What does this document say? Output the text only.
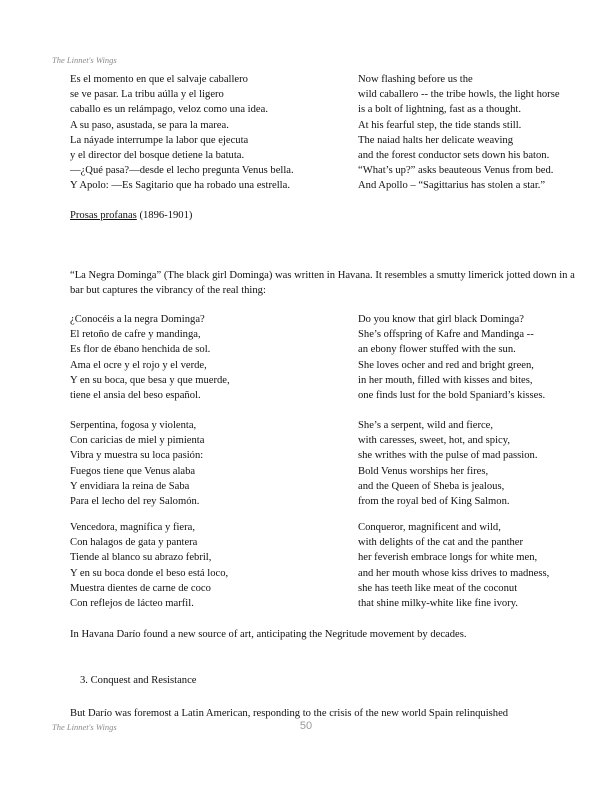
The Linnet's Wings
Es el momento en que el salvaje caballero	Now flashing before us the
se ve pasar. La tribu aúlla y el ligero	wild caballero -- the tribe howls, the light horse
caballo es un relámpago, veloz como una idea.	is a bolt of lightning, fast as a thought.
A su paso, asustada, se para la marea.	At his fearful step, the tide stands still.
La náyade interrumpe la labor que ejecuta	The naiad halts her delicate weaving
y el director del bosque detiene la batuta.	and the forest conductor sets down his baton.
—¿Qué pasa?—desde el lecho pregunta Venus bella.	“What’s up?” asks beauteous Venus from bed.
Y Apolo: —Es Sagitario que ha robado una estrella.	And Apollo – “Sagittarius has stolen a star.”
Prosas profanas (1896-1901)
“La Negra Dominga” (The black girl Dominga) was written in Havana. It resembles a smutty limerick jotted down in a bar but captures the vibrancy of the real thing:
¿Conocéis a la negra Dominga?	Do you know that girl black Dominga?
El retoño de cafre y mandinga,	She’s offspring of Kafre and Mandinga --
Es flor de ébano henchida de sol.	an ebony flower stuffed with the sun.
Ama el ocre y el rojo y el verde,	She loves ocher and red and bright green,
Y en su boca, que besa y que muerde,	in her mouth, filled with kisses and bites,
tiene el ansia del beso español.	one finds lust for the bold Spaniard’s kisses.
Serpentina, fogosa y violenta,	She’s a serpent, wild and fierce,
Con caricias de miel y pimienta	with caresses, sweet, hot, and spicy,
Vibra y muestra su loca pasión:	she writhes with the pulse of mad passion.
Fuegos tiene que Venus alaba	Bold Venus worships her fires,
Y envidiara la reina de Saba	and the Queen of Sheba is jealous,
Para el lecho del rey Salomón.	from the royal bed of King Salmon.
Vencedora, magnífica y fiera,	Conqueror, magnificent and wild,
Con halagos de gata y pantera	with delights of the cat and the panther
Tiende al blanco su abrazo febril,	her feverish embrace longs for white men,
Y en su boca donde el beso está loco,	and her mouth whose kiss drives to madness,
Muestra dientes de carne de coco	she has teeth like meat of the coconut
Con reflejos de lácteo marfil.	that shine milky-white like fine ivory.
In Havana Darío found a new source of art, anticipating the Negritude movement by decades.
3. Conquest and Resistance
But Darío was foremost a Latin American, responding to the crisis of the new world Spain relinquished
The Linnet's Wings	50
